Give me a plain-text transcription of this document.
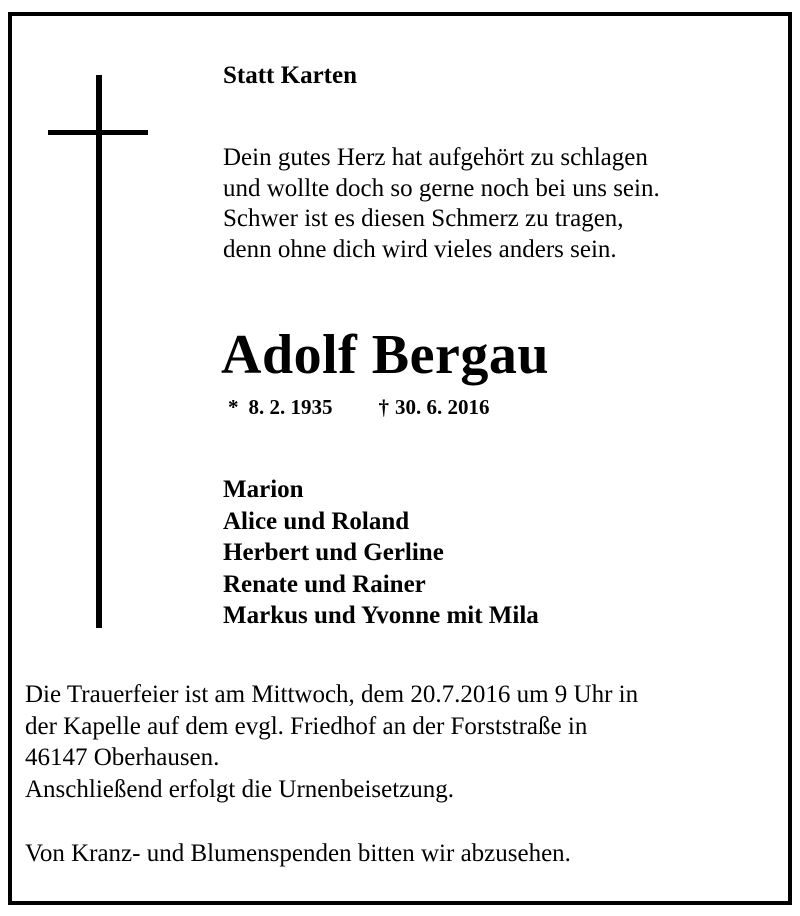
Statt Karten
Dein gutes Herz hat aufgehört zu schlagen
und wollte doch so gerne noch bei uns sein.
Schwer ist es diesen Schmerz zu tragen,
denn ohne dich wird vieles anders sein.
Adolf Bergau
* 8. 2. 1935 † 30. 6. 2016
Marion
Alice und Roland
Herbert und Gerline
Renate und Rainer
Markus und Yvonne mit Mila
Die Trauerfeier ist am Mittwoch, dem 20.7.2016 um 9 Uhr in
der Kapelle auf dem evgl. Friedhof an der Forststraße in
46147 Oberhausen.
Anschließend erfolgt die Urnenbeisetzung.
Von Kranz- und Blumenspenden bitten wir abzusehen.
